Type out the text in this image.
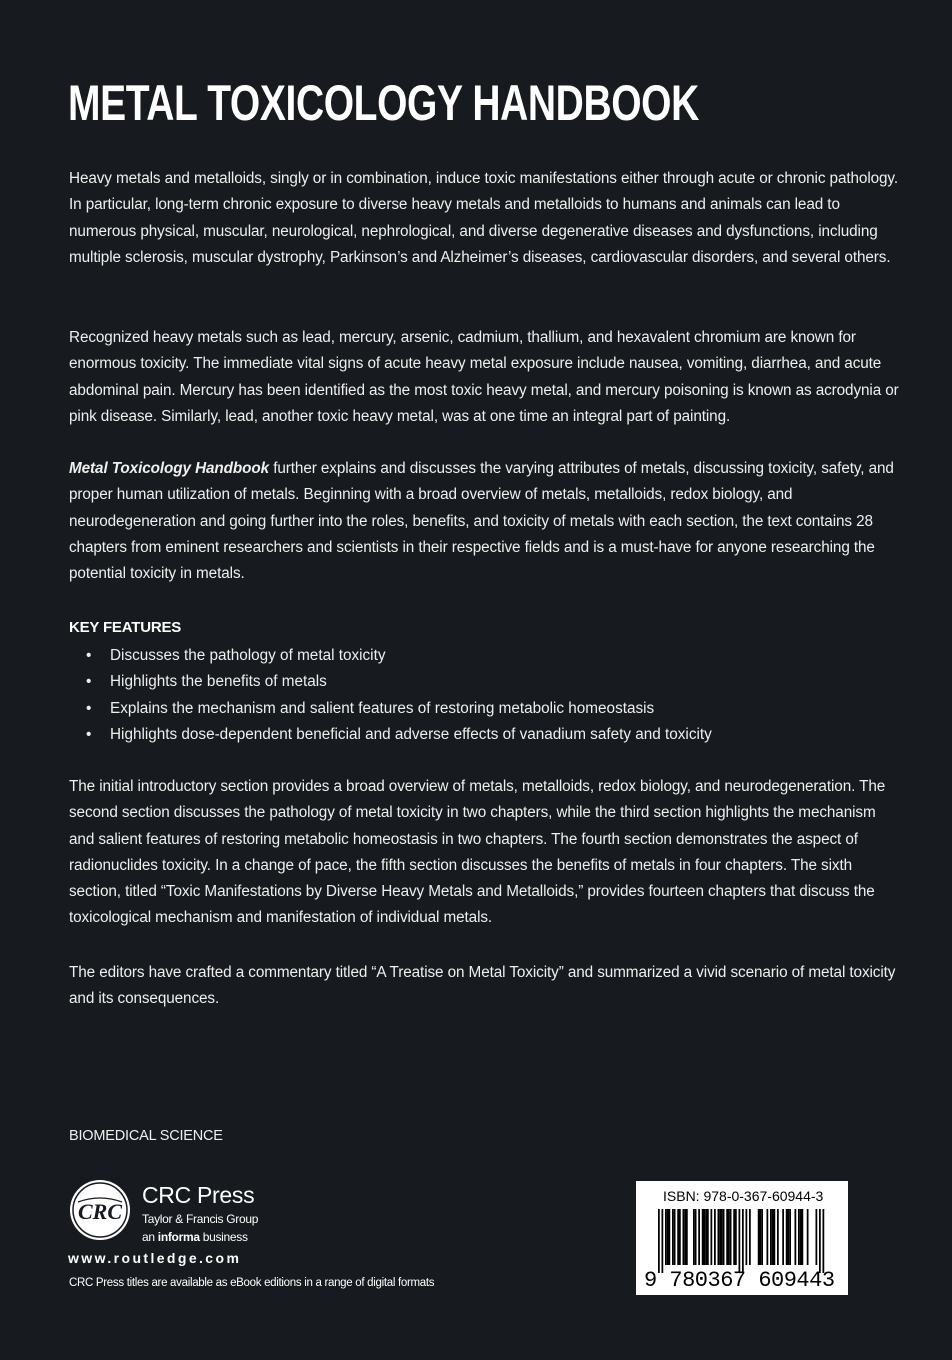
METAL TOXICOLOGY HANDBOOK

Heavy metals and metalloids, singly or in combination, induce toxic manifestations either through acute or chronic pathology. In particular, long-term chronic exposure to diverse heavy metals and metalloids to humans and animals can lead to numerous physical, muscular, neurological, nephrological, and diverse degenerative diseases and dysfunctions, including multiple sclerosis, muscular dystrophy, Parkinson’s and Alzheimer’s diseases, cardiovascular disorders, and several others.

Recognized heavy metals such as lead, mercury, arsenic, cadmium, thallium, and hexavalent chromium are known for enormous toxicity. The immediate vital signs of acute heavy metal exposure include nausea, vomiting, diarrhea, and acute abdominal pain. Mercury has been identified as the most toxic heavy metal, and mercury poisoning is known as acrodynia or pink disease. Similarly, lead, another toxic heavy metal, was at one time an integral part of painting.

Metal Toxicology Handbook further explains and discusses the varying attributes of metals, discussing toxicity, safety, and proper human utilization of metals. Beginning with a broad overview of metals, metalloids, redox biology, and neurodegeneration and going further into the roles, benefits, and toxicity of metals with each section, the text contains 28 chapters from eminent researchers and scientists in their respective fields and is a must-have for anyone researching the potential toxicity in metals.

KEY FEATURES
• Discusses the pathology of metal toxicity
• Highlights the benefits of metals
• Explains the mechanism and salient features of restoring metabolic homeostasis
• Highlights dose-dependent beneficial and adverse effects of vanadium safety and toxicity

The initial introductory section provides a broad overview of metals, metalloids, redox biology, and neurodegeneration. The second section discusses the pathology of metal toxicity in two chapters, while the third section highlights the mechanism and salient features of restoring metabolic homeostasis in two chapters. The fourth section demonstrates the aspect of radionuclides toxicity. In a change of pace, the fifth section discusses the benefits of metals in four chapters. The sixth section, titled “Toxic Manifestations by Diverse Heavy Metals and Metalloids,” provides fourteen chapters that discuss the toxicological mechanism and manifestation of individual metals.

The editors have crafted a commentary titled “A Treatise on Metal Toxicity” and summarized a vivid scenario of metal toxicity and its consequences.

BIOMEDICAL SCIENCE
CRC
CRC Press
Taylor & Francis Group
an informa business
www.routledge.com
CRC Press titles are available as eBook editions in a range of digital formats
ISBN: 978-0-367-60944-3
9 780367 609443
